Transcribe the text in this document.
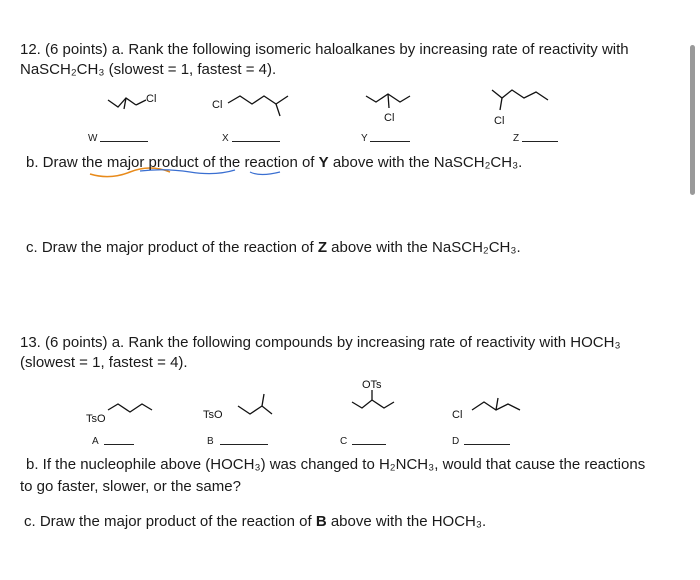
12. (6 points) a. Rank the following isomeric haloalkanes by increasing rate of reactivity with
NaSCH₂CH₃ (slowest = 1, fastest = 4).
Cl	Cl
Cl	Cl
TsO	TsO
OTs
Cl
W	X	Y	Z
b. Draw the major product of the reaction of Y above with the NaSCH₂CH₃.
c. Draw the major product of the reaction of Z above with the NaSCH₂CH₃.
13. (6 points) a. Rank the following compounds by increasing rate of reactivity with HOCH₃
(slowest = 1, fastest = 4).
A	B	C	D
b. If the nucleophile above (HOCH₃) was changed to H₂NCH₃, would that cause the reactions
to go faster, slower, or the same?
c. Draw the major product of the reaction of B above with the HOCH₃.
